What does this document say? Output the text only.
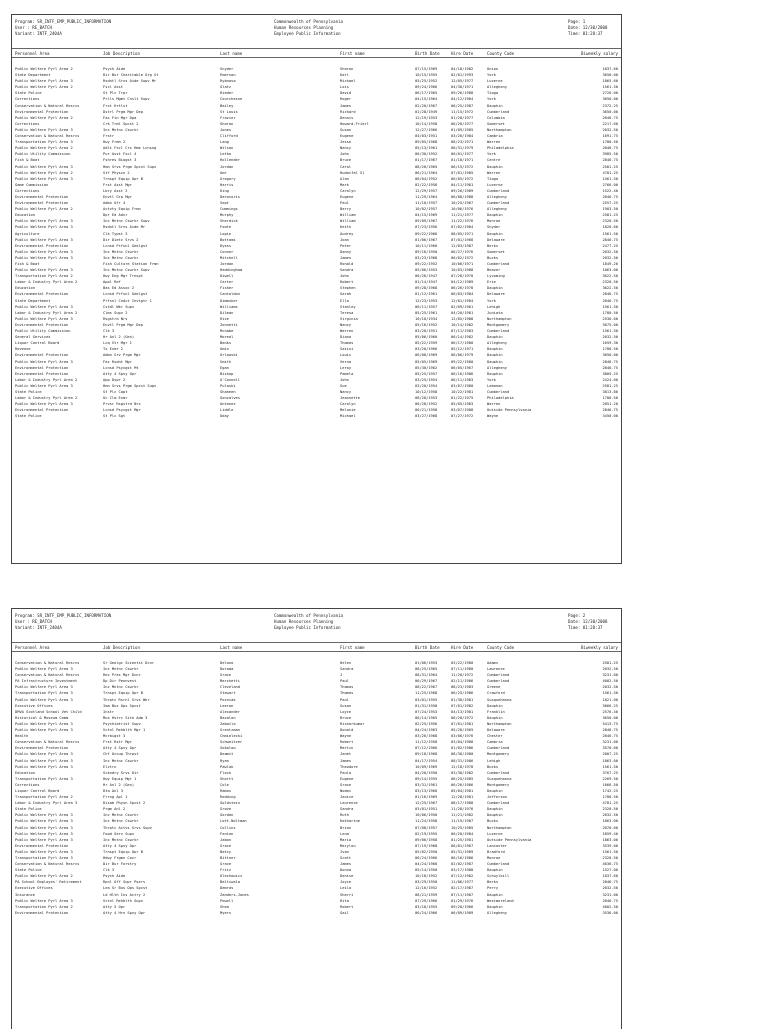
Program: SR_INTF_EMP_PUBLIC_INFORMATION
User : RE_BATCH
Variant: INTF_2404A
Commonwealth of Pennsylvania
Human Resources Planning
Employee Public Information
Page: 1
Date: 12/30/2008
Time: 01:28:37
Personnel Area	Job Description	Last name	First name	Birth Date	Hire Date	County Code	Biweekly salary

Public Welfare Pyrl Area 2	Psych Aide	Snyder	Sharon	07/15/1969	04/18/1982	Union	1837.60
State Department	Dir Bur Charitable Org St	Emerson	Karl	10/15/1955	02/01/1993	York	3650.00
Public Welfare Pyrl Area 3	Rsdntl Srvs Aide Supv Mr	Rybnova	Michael	05/25/1952	12/05/1977	Luzerne	1865.60
Public Welfare Pyrl Area 2	Fscl Asst	Glatz	Lois	09/24/1966	04/30/1971	Allegheny	1561.50
State Police	St Plc Trpr	Rieder	David	06/17/1965	09/26/1988	Tioga	2726.00
Corrections	Prlls Mgmt Cnslt Supv	Courchesne	Roger	04/15/1964	04/12/1984	York	3650.00
Conservation & Natural Resrcs	Frst Hrtlst	Bailey	James	02/20/1967	06/25/1987	Dauphin	2372.25
Environmental Protection	Dstrl Prgm Mgr Dep	St Louis	Richard	01/28/1949	11/15/1972	Cumberland	3650.00
Public Welfare Pyrl Area 2	Fac Fin Mgr Dpa	Frazier	Dennis	12/19/1953	01/28/1977	Columbia	2846.75
Corrections	Crk Trml Spcst 2	Sharon	Howard-Frierl	10/14/1958	06/20/1977	Somerset	2217.60
Public Welfare Pyrl Area 3	Inc Mntnc Cswrkr	Jones	Susan	12/27/1966	01/09/1985	Northampton	2032.50
Conservation & Natural Resrcs	Frstr	Clifford	Eugene	04/03/1951	03/20/1984	Cambria	1691.75
Transportation Pyrl Area 3	Hwy Frmn 2	Lang	Jesse	09/05/1968	08/23/1971	Warren	1780.50
Public Welfare Pyrl Area 2	Adlt Fscl Crs Hme Lcnsng	Wilson	Nancy	05/13/1961	08/31/1979	Philadelphia	2846.75
Public Utility Commission	Pur Asst Fscl 4	Letko	John	06/30/1952	06/01/1977	York	3985.50
Fish & Boat	Fshres Biogst 3	Hollender	Bruce	01/17/1967	01/18/1971	Centre	2846.75
Public Welfare Pyrl Area 3	Hmn Srvs Prgm Spcst Supv	Jordan	Carol	08/20/1965	06/15/1972	Dauphin	2581.25
Public Welfare Pyrl Area 2	Stf Physcn 2	Amr	Hudaifal Sl	06/21/1964	07/01/1985	Warren	4781.25
Public Welfare Pyrl Area 3	Trnspt Equip Opr B	Gregory	Alan	06/04/1952	06/05/1972	Tioga	1561.50
Game Commission	Frst Asst Mgr	Harris	Mark	02/22/1958	04/11/1981	Luzerne	2766.00
Corrections	Lbry Asst 2	King	Carolyn	12/29/1957	09/26/1989	Cumberland	1522.40
Environmental Protection	Envtl Grp Mgr	Darocoris	Eugene	11/29/1964	06/08/1988	Allegheny	2846.75
Environmental Protection	Admn Ofr 4	Sept	Paul	11/10/1957	10/25/1967	Cumberland	2557.25
Public Welfare Pyrl Area 2	Actvty Equip Frmn	Cummings	Barry	10/02/1957	10/06/1976	Allegheny	1903.50
Education	Dpr Ed Advr	Murphy	William	04/15/1969	11/21/1977	Dauphin	2581.25
Public Welfare Pyrl Area 3	Inc Mntnc Cswrkr Supv	Sherdick	William	09/09/1967	11/22/1976	Monroe	2320.50
Public Welfare Pyrl Area 3	Rsdntl Srvs Aide Mr	Foote	Keith	07/23/1956	07/02/1984	Snyder	1820.60
Agriculture	Clk Typst 3	Lopie	Audrey	09/22/1966	08/05/1971	Dauphin	1561.50
Public Welfare Pyrl Area 3	Dir Dietc Srvs 2	Bottoms	Joan	01/06/1967	07/01/1968	Delaware	2846.75
Environmental Protection	Lcnsd Prfsnl Geolgst	Dyess	Peter	10/11/1960	12/03/1987	Berks	2477.25
Public Welfare Pyrl Area 3	Inc Mntnc Cswrkr	Conner	Danny	09/16/1950	06/27/1976	Somerset	2032.50
Public Welfare Pyrl Area 3	Inc Mntnc Cswrkr	Mitchell	James	03/23/1968	06/02/1972	Bucks	2032.50
Fish & Boat	Fish Culture Station Frmn	Jordan	Ronald	09/22/1952	10/06/1971	Cumberland	1849.20
Public Welfare Pyrl Area 3	Inc Mntnc Cswrkr Supv	Haddingham	Sandra	05/06/1953	10/03/1988	Beaver	1863.00
Transportation Pyrl Area 2	Hwy Eng Mgr Trnspt	Diwell	John	06/26/1947	07/26/1970	Lycoming	3622.50
Labor & Industry Pyrl Area 2	Appl Ref	Carter	Robert	01/14/1947	04/12/1989	Erie	2320.50
Education	Bas Ed Assoc 2	Fisher	Stephen	09/28/1968	06/26/1978	Dauphin	3622.50
Environmental Protection	Lcnsd Prfsnl Geolgst	Cantoldon	Sarah	01/12/1961	06/03/1984	Delaware	2846.75
State Department	Prfsnl Cndct Invtgtr 1	Dimmuker	Ella	12/23/1953	12/01/1984	York	2846.75
Public Welfare Pyrl Area 3	Cstdl Wkr Supv	Williams	Stanley	06/11/1957	02/09/1961	Lehigh	1561.50
Labor & Industry Pyrl Area 2	Clms Supv 2	Dilman	Teresa	05/25/1961	04/20/1981	Juniata	1780.50
Public Welfare Pyrl Area 3	Rsgstrd Nrs	Rice	Virginia	10/10/1934	12/05/1988	Northampton	2530.60
Environmental Protection	Envtl Prgm Mgr Dep	Zonnetti	Nancy	05/16/1952	10/14/1982	Montgomery	3075.00
Public Utility Commission	Clk 3	Mcnabe	Warren	03/20/1951	07/11/1983	Cumberland	1561.50
General Services	Hr Anl 2 (Gen)	Moreal	Diana	05/06/1960	06/14/1982	Dauphin	2032.50
Liquor Control Board	Lcq Str Mgr 1	Banks	Thomas	05/22/1959	06/17/1980	Allegheny	1659.30
Revenue	Tx Exmr 2	Amin	Saiini	03/20/1966	05/12/1971	Dauphin	1780.50
Environmental Protection	Admn Srv Prgm Mgr	Orlowski	Louis	06/08/1969	06/06/1979	Dauphin	3650.00
Public Welfare Pyrl Area 3	Fac Rsdnt Mgr	Smith	Verna	05/05/1969	09/22/1980	Dauphin	2846.75
Environmental Protection	Lcnsd Psycgst Mt	Egan	Leroy	05/30/1962	06/05/1967	Allegheny	2846.75
Environmental Protection	Atty 4 Spvy Opr	Bishop	Pamela	05/25/1957	06/16/1986	Dauphin	3805.25
Labor & Industry Pyrl Area 2	App Dvpr 2	O'Connell	John	03/25/1954	06/11/1983	York	2424.00
Public Welfare Pyrl Area 3	Hmn Srvs Prgm Spcst Supv	Pulaski	Sue	03/20/1954	03/07/1980	Lebanon	2581.25
State Police	St Plc Capt	Shaheen	Nancy	10/12/1958	10/22/1981	Cumberland	3813.80
Labor & Industry Pyrl Area 2	Uc Clm Exmr	Gonzalves	Jeannette	08/28/1953	01/22/1975	Philadelphia	1780.50
Public Welfare Pyrl Area 3	Prvsr Rsgstrd Nrs	Antonez	Carolyn	06/28/1952	05/05/1983	Warren	2851.20
Environmental Protection	Lcnsd Psycgst Mgr	Liddle	Melanie	06/21/1958	03/07/1988	Outside Pennsylvania	2846.75
State Police	St Plc Sgt	Oday	Michael	03/27/1968	07/27/1972	Wayne	3450.00
Program: SR_INTF_EMP_PUBLIC_INFORMATION
User : RE_BATCH
Variant: INTF_2404A
Commonwealth of Pennsylvania
Human Resources Planning
Employee Public Information
Page: 2
Date: 12/30/2008
Time: 01:28:37
Personnel Area	Job Description	Last name	First name	Birth Date	Hire Date	County Code	Biweekly salary

Conservation & Natural Resrcs	Sr Geolgc Scientst Dcnr	Delano	Helen	01/06/1953	03/22/1980	Adams	2581.25
Public Welfare Pyrl Area 3	Inc Mntnc Cswrkr	Dorada	Sandra	08/25/1965	07/11/1980	Lawrence	2032.50
Conservation & Natural Resrcs	Rec Prks Mgr Dcnr	Grace	J	08/31/1964	11/20/1972	Cumberland	3231.00
PA Infrastructure Investment	Dp Dir Pennvest	Marchetti	Paul	06/29/1967	02/11/1986	Cumberland	4002.50
Public Welfare Pyrl Area 3	Inc Mntnc Cswrkr	Cleveland	Thomas	08/22/1967	08/23/1983	Greene	2032.50
Transportation Pyrl Area 3	Trnspt Equip Opr B	Stewart	Thomas	11/25/1968	06/25/1986	Crawford	1561.50
Public Welfare Pyrl Area 3	Thrptc Rsrnl Srvs Wkr	Pozniak	Paul	03/01/1955	01/30/1981	Susquehanna	1821.00
Executive Offices	Ima Bus Ops Spcst	Leeran	Susan	01/31/1958	07/01/1982	Dauphin	3666.25
DMVA Scotland School Vet Child	Instr	Alexander	Loyce	07/24/1953	04/13/1981	Franklin	2576.40
Historical & Museum Comm	Mus Hstrc Site Adm 3	Bazalon	Bruce	06/14/1965	06/20/1972	Dauphin	3650.00
Public Welfare Pyrl Area 3	Psychiatrist Supv	Zabaila	Rishorkumar	02/25/1956	07/01/1981	Northampton	5413.75
Public Welfare Pyrl Area 3	Vctnl Rehblth Mgr 1	Grentzman	Donald	04/24/1963	05/28/1965	Delaware	2846.75
Health	Mcrbigst 3	Chmielecki	Wayne	03/26/1968	03/06/1976	Chester	2846.75
Conservation & Natural Resrcs	Frst Rstr Mgr	Schweitzer	Robert	11/12/1958	03/04/1988	Cambria	3231.00
Environmental Protection	Atty 4 Spvy Opr	Sokolow	Martin	07/12/1966	01/02/1986	Cumberland	3570.00
Public Welfare Pyrl Area 3	Chf Occup Thrpst	Deamit	Janet	09/18/1968	08/30/1980	Montgomery	2807.25
Public Welfare Pyrl Area 3	Inc Mntnc Cswrkr	Ryan	James	04/17/1954	08/31/1986	Lehigh	1863.00
Public Welfare Pyrl Area 3	Elctrn	Pawlak	Theodore	10/09/1969	12/18/1978	Bucks	1561.50
Education	Sckndry Srvs Dir	Fleck	Paula	04/20/1950	03/30/1982	Cumberland	3767.25
Transportation Pyrl Area 3	Hwy Equip Mgr 1	Shortt	Eugene	09/14/1955	06/25/1985	Susquehanna	2269.50
Corrections	Hr Anl 2 (Gen)	Cole	Grace	03/31/1961	06/26/1986	Montgomery	1666.50
Liquor Control Board	Dta Anl 3	Ramos	Noemi	03/13/1960	05/04/1981	Dauphin	1742.25
Transportation Pyrl Area 2	Frrng Apl 1	Redding	Janice	01/16/1969	12/28/1981	Jefferson	1780.50
Labor & Industry Pyrl Area 3	Disab Physn Spcst 2	Goldstein	Laurence	12/25/1967	08/17/1988	Cumberland	4781.25
State Police	Prgm Anl 2	Grove	Sandra	03/01/1951	11/28/1976	Dauphin	2320.50
Public Welfare Pyrl Area 3	Inc Mntnc Cswrkr	Gordon	Ruth	10/06/1950	11/21/1982	Dauphin	2032.50
Public Welfare Pyrl Area 3	Inc Mntnc Cswrkr	Lott-Noltman	Katharine	11/24/1958	11/19/1987	Bucks	1863.00
Public Welfare Pyrl Area 3	Thrptc Actvs Srvs Supv	Collins	Brian	07/08/1957	10/25/1985	Northampton	2070.00
Public Welfare Pyrl Area 3	Food Serv Supv	Fenton	Lena	02/19/1955	06/20/1984	Luzerne	1859.40
Public Welfare Pyrl Area 3	Inc Mntnc Cswrkr	Jabon	Maria	09/06/1958	01/25/1981	Outside Pennsylvania	1863.00
Environmental Protection	Atty 4 Spvy Opr	Grace	Marylou	07/19/1968	06/01/1967	Lancaster	3539.00
Public Welfare Pyrl Area 3	Trnspt Equip Opr B	Batzy	Ivan	05/02/1950	05/31/1989	Bradford	1561.50
Transportation Pyrl Area 3	Hdwy Frgmn Cocr	Bittner	Scott	06/24/1966	06/16/1986	Monroe	2320.50
Conservation & Natural Resrcs	Dir Bur Forstry	Grace	James	04/24/1968	02/02/1987	Cumberland	4636.75
State Police	Clk 3	Fritz	Donna	05/14/1950	03/17/1988	Dauphin	1527.00
Public Welfare Pyrl Area 2	Psych Aide	Olechowicz	Denise	10/18/1952	07/12/1982	Schuylkill	1837.60
PA School Employes' Retirement	Rpnl Off Supr Psers	Baltiwala	Joyce	03/29/1950	11/06/1977	Berks	2846.75
Executive Offices	Lea Sr Bus Ops Spcst	Demras	Leila	12/16/1952	02/17/1987	Perry	2032.50
Insurance	Ld Hlth Ins Actry 2	Zanders-Jones	Sherri	08/21/1959	07/11/1987	Dauphin	3231.00
Public Welfare Pyrl Area 3	Vctnl Rehblth Supv	Powell	Rita	07/29/1966	01/29/1976	Westmoreland	2846.75
Transportation Pyrl Area 2	Atty 5 Opr	Shea	Robert	03/18/1955	09/20/1966	Dauphin	4002.50
Environmental Protection	Atty 4 Hrn Spvy Opr	Myers	Gail	06/24/1966	06/09/1989	Allegheny	3536.00
